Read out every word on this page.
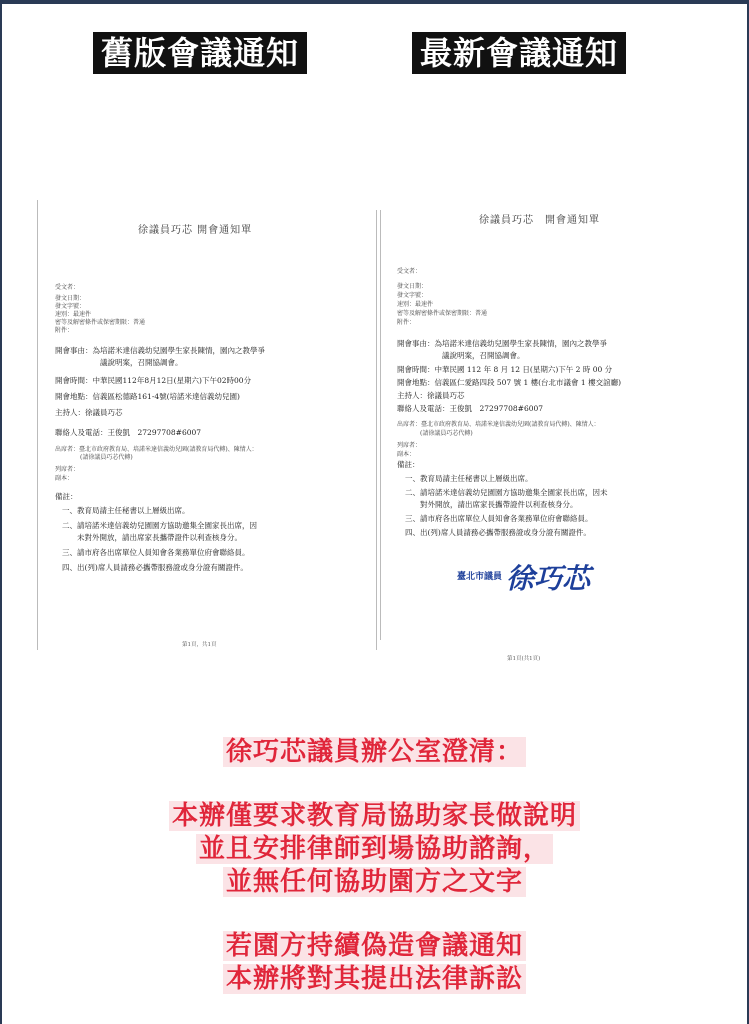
舊版會議通知	最新會議通知
徐議員巧芯 開會通知單
受文者：
發文日期：
發文字號：
速別：最速件
密等及解密條件或保密期限：普通
附件：
開會事由：為培諾米達信義幼兒園學生家長陳情，園內之教學爭
議說明案，召開協調會。
開會時間：中華民國112年8月12日(星期六)下午02時00分
開會地點：信義區松德路161-4號(培諾米達信義幼兒園)
主持人：徐議員巧芯
聯絡人及電話：王俊凱　27297708#6007
出席者：臺北市政府教育局、培諾米達信義幼兒園(請教育局代轉)、陳情人：
(請徐議員巧芯代轉)
列席者：
副本：
備註：
一、教育局請主任秘書以上層級出席。
二、請培諾米達信義幼兒園園方協助邀集全園家長出席，因
　　未對外開放，請出席家長攜帶證件以利查核身分。
三、請市府各出席單位人員知會各業務單位府會聯絡員。
四、出(列)席人員請務必攜帶服務證或身分證有關證件。
第1頁，共1頁
徐議員巧芯　開會通知單
受文者：
發文日期：
發文字號：
速別：最速件
密等及解密條件或保密期限：普通
附件：
開會事由：為培諾米達信義幼兒園學生家長陳情，園內之教學爭
議說明案，召開協調會。
開會時間：中華民國 112 年 8 月 12 日(星期六)下午 2 時 00 分
開會地點：信義區仁愛路四段 507 號 1 樓(台北市議會 1 樓交誼廳)
主持人：徐議員巧芯
聯絡人及電話：王俊凱　27297708#6007
出席者：臺北市政府教育局、培諾米達信義幼兒園(請教育局代轉)、陳情人：
(請徐議員巧芯代轉)
列席者：
副本：
備註：
一、教育局請主任秘書以上層級出席。
二、請培諾米達信義幼兒園園方協助邀集全園家長出席，因未
　　對外開放，請出席家長攜帶證件以利查核身分。
三、請市府各出席單位人員知會各業務單位府會聯絡員。
四、出(列)席人員請務必攜帶服務證或身分證有關證件。
第1頁(共1頁)
$^{臺北市議員}$ 徐巧芯
徐巧芯議員辦公室澄清：
本辦僅要求教育局協助家長做說明
並且安排律師到場協助諮詢，
並無任何協助園方之文字
若園方持續偽造會議通知
本辦將對其提出法律訴訟
